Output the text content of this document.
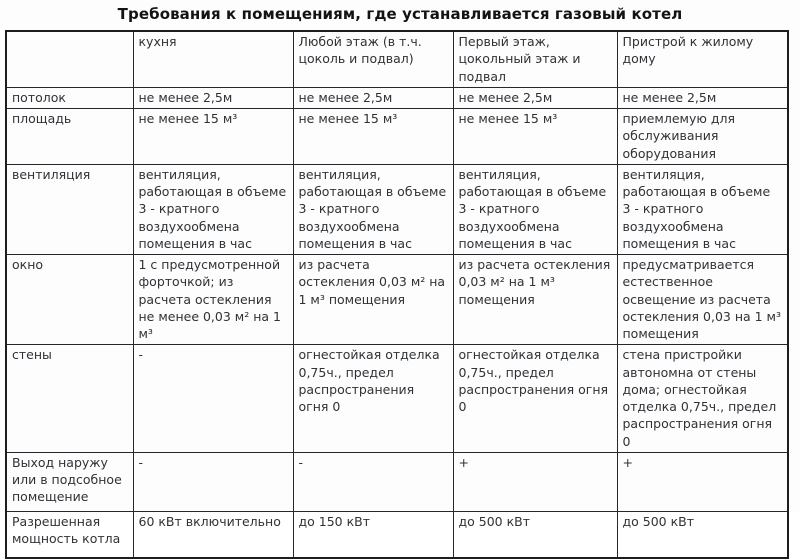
Требования к помещениям, где устанавливается газовый котел
	кухня	Любой этаж (в т.ч. цоколь и подвал)	Первый этаж, цокольный этаж и подвал	Пристрой к жилому дому
потолок	не менее 2,5м	не менее 2,5м	не менее 2,5м	не менее 2,5м
площадь	не менее 15 м³	не менее 15 м³	не менее 15 м³	приемлемую для обслуживания оборудования
вентиляция	вентиляция, работающая в объеме 3 - кратного воздухообмена помещения в час	вентиляция, работающая в объеме 3 - кратного воздухообмена помещения в час	вентиляция, работающая в объеме 3 - кратного воздухообмена помещения в час	вентиляция, работающая в объеме 3 - кратного воздухообмена помещения в час
окно	1 с предусмотренной форточкой; из расчета остекления не менее 0,03 м² на 1 м³	из расчета остекления 0,03 м² на 1 м³ помещения	из расчета остекления 0,03 м² на 1 м³ помещения	предусматривается естественное освещение из расчета остекления 0,03 на 1 м³ помещения
стены	-	огнестойкая отделка 0,75ч., предел распространения огня 0	огнестойкая отделка 0,75ч., предел распространения огня 0	стена пристройки автономна от стены дома; огнестойкая отделка 0,75ч., предел распространения огня 0
Выход наружу или в подсобное помещение	-	-	+	+
Разрешенная мощность котла	60 кВт включительно	до 150 кВт	до 500 кВт	до 500 кВт
